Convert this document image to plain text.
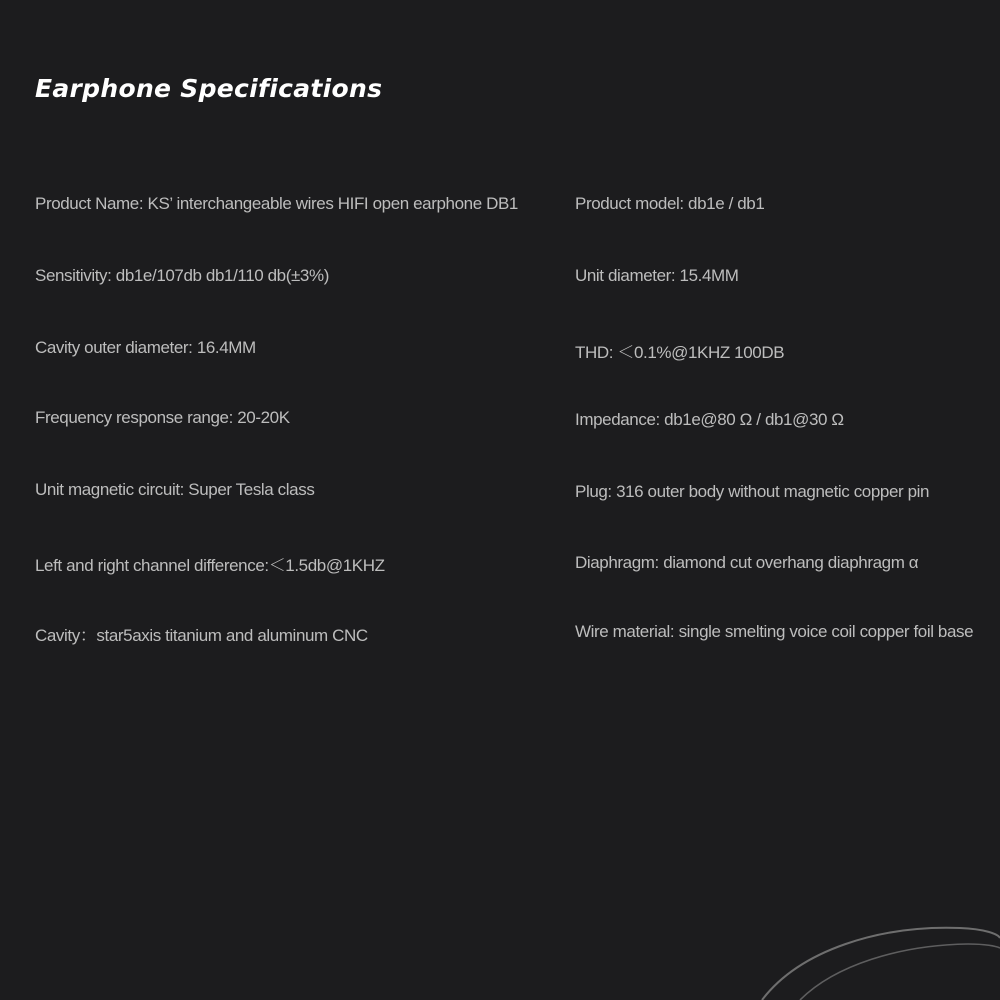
Earphone Specifications
Product Name: KS’ interchangeable wires HIFI open earphone DB1
Sensitivity: db1e/107db db1/110 db(±3%)
Cavity outer diameter: 16.4MM
Frequency response range: 20-20K
Unit magnetic circuit: Super Tesla class
Left and right channel difference:＜1.5db@1KHZ
Cavity：star5axis titanium and aluminum CNC
Product model: db1e / db1
Unit diameter: 15.4MM
THD: ＜0.1%@1KHZ 100DB
Impedance: db1e@80 Ω / db1@30 Ω
Plug: 316 outer body without magnetic copper pin
Diaphragm: diamond cut overhang diaphragm α
Wire material: single smelting voice coil copper foil base
